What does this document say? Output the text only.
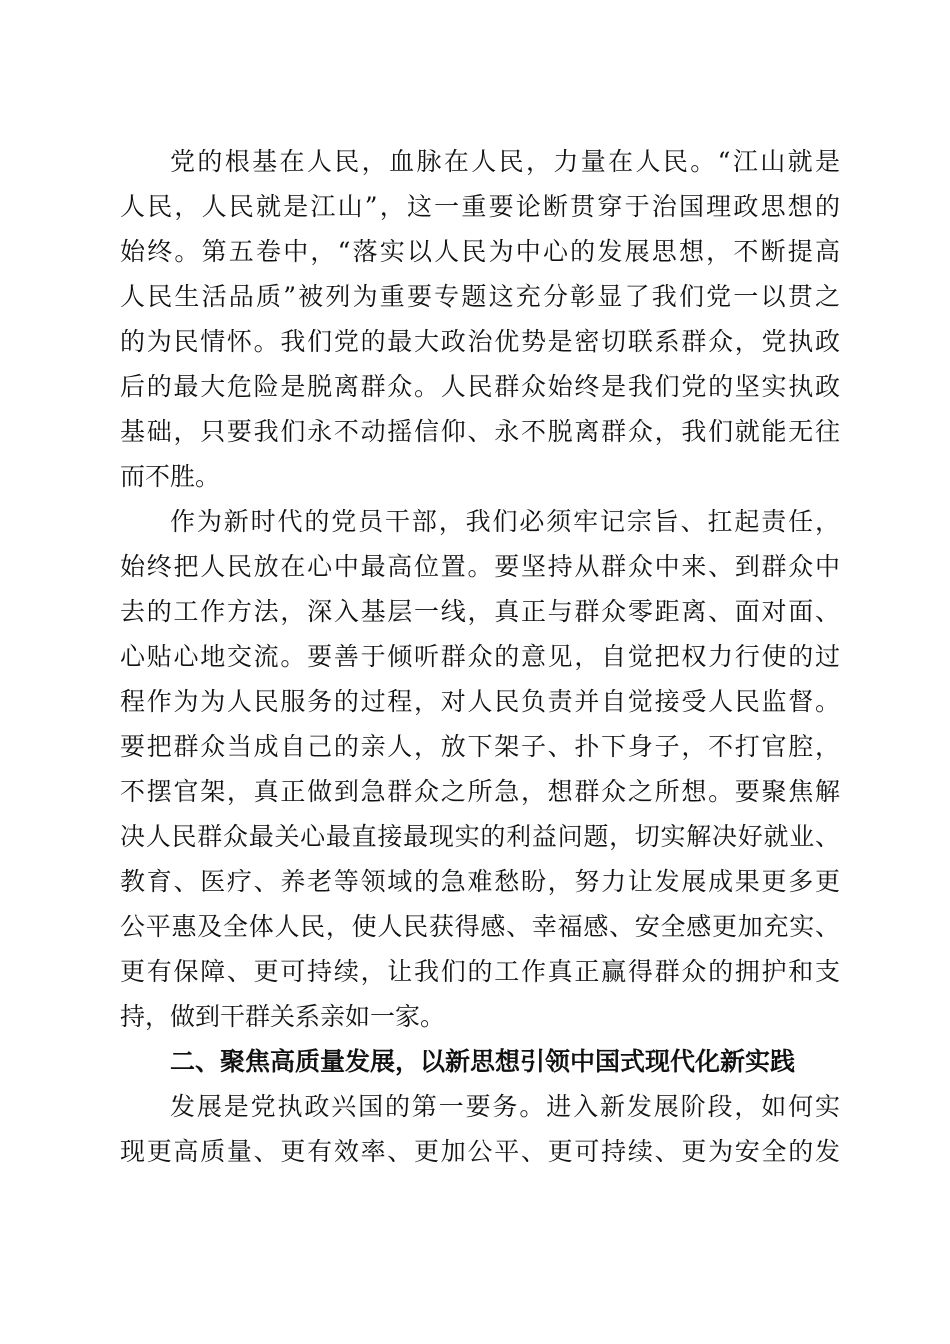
党的根基在人民，血脉在人民，力量在人民。“江山就是
人民，人民就是江山”，这一重要论断贯穿于治国理政思想的
始终。第五卷中，“落实以人民为中心的发展思想，不断提高
人民生活品质”被列为重要专题这充分彰显了我们党一以贯之
的为民情怀。我们党的最大政治优势是密切联系群众，党执政
后的最大危险是脱离群众。人民群众始终是我们党的坚实执政
基础，只要我们永不动摇信仰、永不脱离群众，我们就能无往
而不胜。
作为新时代的党员干部，我们必须牢记宗旨、扛起责任，
始终把人民放在心中最高位置。要坚持从群众中来、到群众中
去的工作方法，深入基层一线，真正与群众零距离、面对面、
心贴心地交流。要善于倾听群众的意见，自觉把权力行使的过
程作为为人民服务的过程，对人民负责并自觉接受人民监督。
要把群众当成自己的亲人，放下架子、扑下身子，不打官腔，
不摆官架，真正做到急群众之所急，想群众之所想。要聚焦解
决人民群众最关心最直接最现实的利益问题，切实解决好就业、
教育、医疗、养老等领域的急难愁盼，努力让发展成果更多更
公平惠及全体人民，使人民获得感、幸福感、安全感更加充实、
更有保障、更可持续，让我们的工作真正赢得群众的拥护和支
持，做到干群关系亲如一家。
二、聚焦高质量发展，以新思想引领中国式现代化新实践
发展是党执政兴国的第一要务。进入新发展阶段，如何实
现更高质量、更有效率、更加公平、更可持续、更为安全的发
